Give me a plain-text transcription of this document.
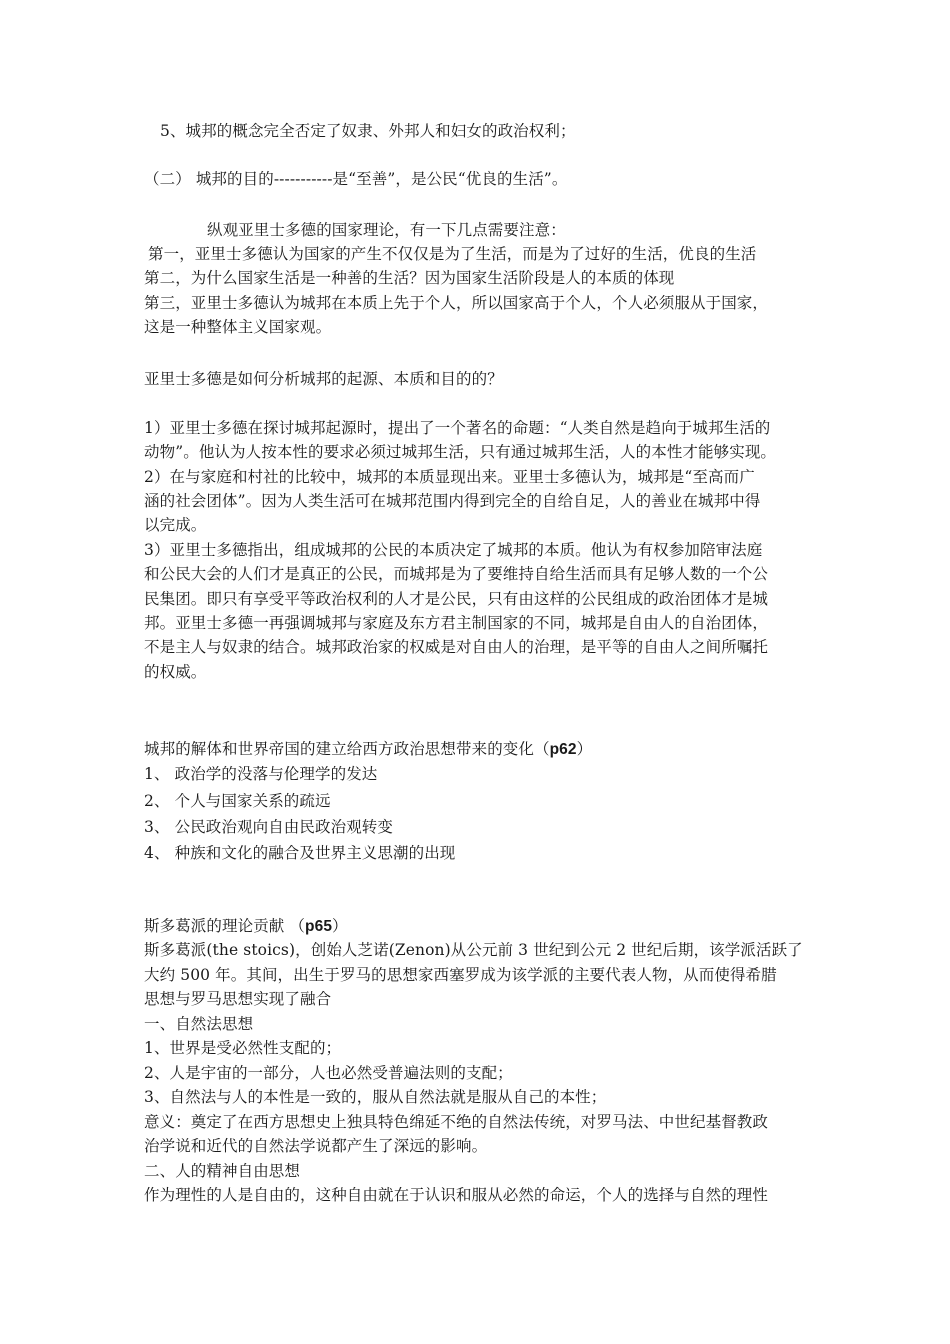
5、城邦的概念完全否定了奴隶、外邦人和妇女的政治权利；
（二） 城邦的目的-----------是“至善”，是公民“优良的生活”。
纵观亚里士多德的国家理论，有一下几点需要注意：
第一，亚里士多德认为国家的产生不仅仅是为了生活，而是为了过好的生活，优良的生活
第二，为什么国家生活是一种善的生活？因为国家生活阶段是人的本质的体现
第三，亚里士多德认为城邦在本质上先于个人，所以国家高于个人，个人必须服从于国家，
这是一种整体主义国家观。
亚里士多德是如何分析城邦的起源、本质和目的的？
1）亚里士多德在探讨城邦起源时，提出了一个著名的命题：“人类自然是趋向于城邦生活的
动物”。他认为人按本性的要求必须过城邦生活，只有通过城邦生活，人的本性才能够实现。
2）在与家庭和村社的比较中，城邦的本质显现出来。亚里士多德认为，城邦是“至高而广
涵的社会团体”。因为人类生活可在城邦范围内得到完全的自给自足，人的善业在城邦中得
以完成。
3）亚里士多德指出，组成城邦的公民的本质决定了城邦的本质。他认为有权参加陪审法庭
和公民大会的人们才是真正的公民，而城邦是为了要维持自给生活而具有足够人数的一个公
民集团。即只有享受平等政治权利的人才是公民，只有由这样的公民组成的政治团体才是城
邦。亚里士多德一再强调城邦与家庭及东方君主制国家的不同，城邦是自由人的自治团体，
不是主人与奴隶的结合。城邦政治家的权威是对自由人的治理，是平等的自由人之间所嘱托
的权威。
城邦的解体和世界帝国的建立给西方政治思想带来的变化（p62）
1、 政治学的没落与伦理学的发达
2、 个人与国家关系的疏远
3、 公民政治观向自由民政治观转变
4、 种族和文化的融合及世界主义思潮的出现
斯多葛派的理论贡献 （p65）
斯多葛派(the stoics)，创始人芝诺(Zenon)从公元前 3 世纪到公元 2 世纪后期，该学派活跃了
大约 500 年。其间，出生于罗马的思想家西塞罗成为该学派的主要代表人物，从而使得希腊
思想与罗马思想实现了融合
一、自然法思想
1、世界是受必然性支配的；
2、人是宇宙的一部分，人也必然受普遍法则的支配；
3、自然法与人的本性是一致的，服从自然法就是服从自己的本性；
意义：奠定了在西方思想史上独具特色绵延不绝的自然法传统，对罗马法、中世纪基督教政
治学说和近代的自然法学说都产生了深远的影响。
二、人的精神自由思想
作为理性的人是自由的，这种自由就在于认识和服从必然的命运，个人的选择与自然的理性
